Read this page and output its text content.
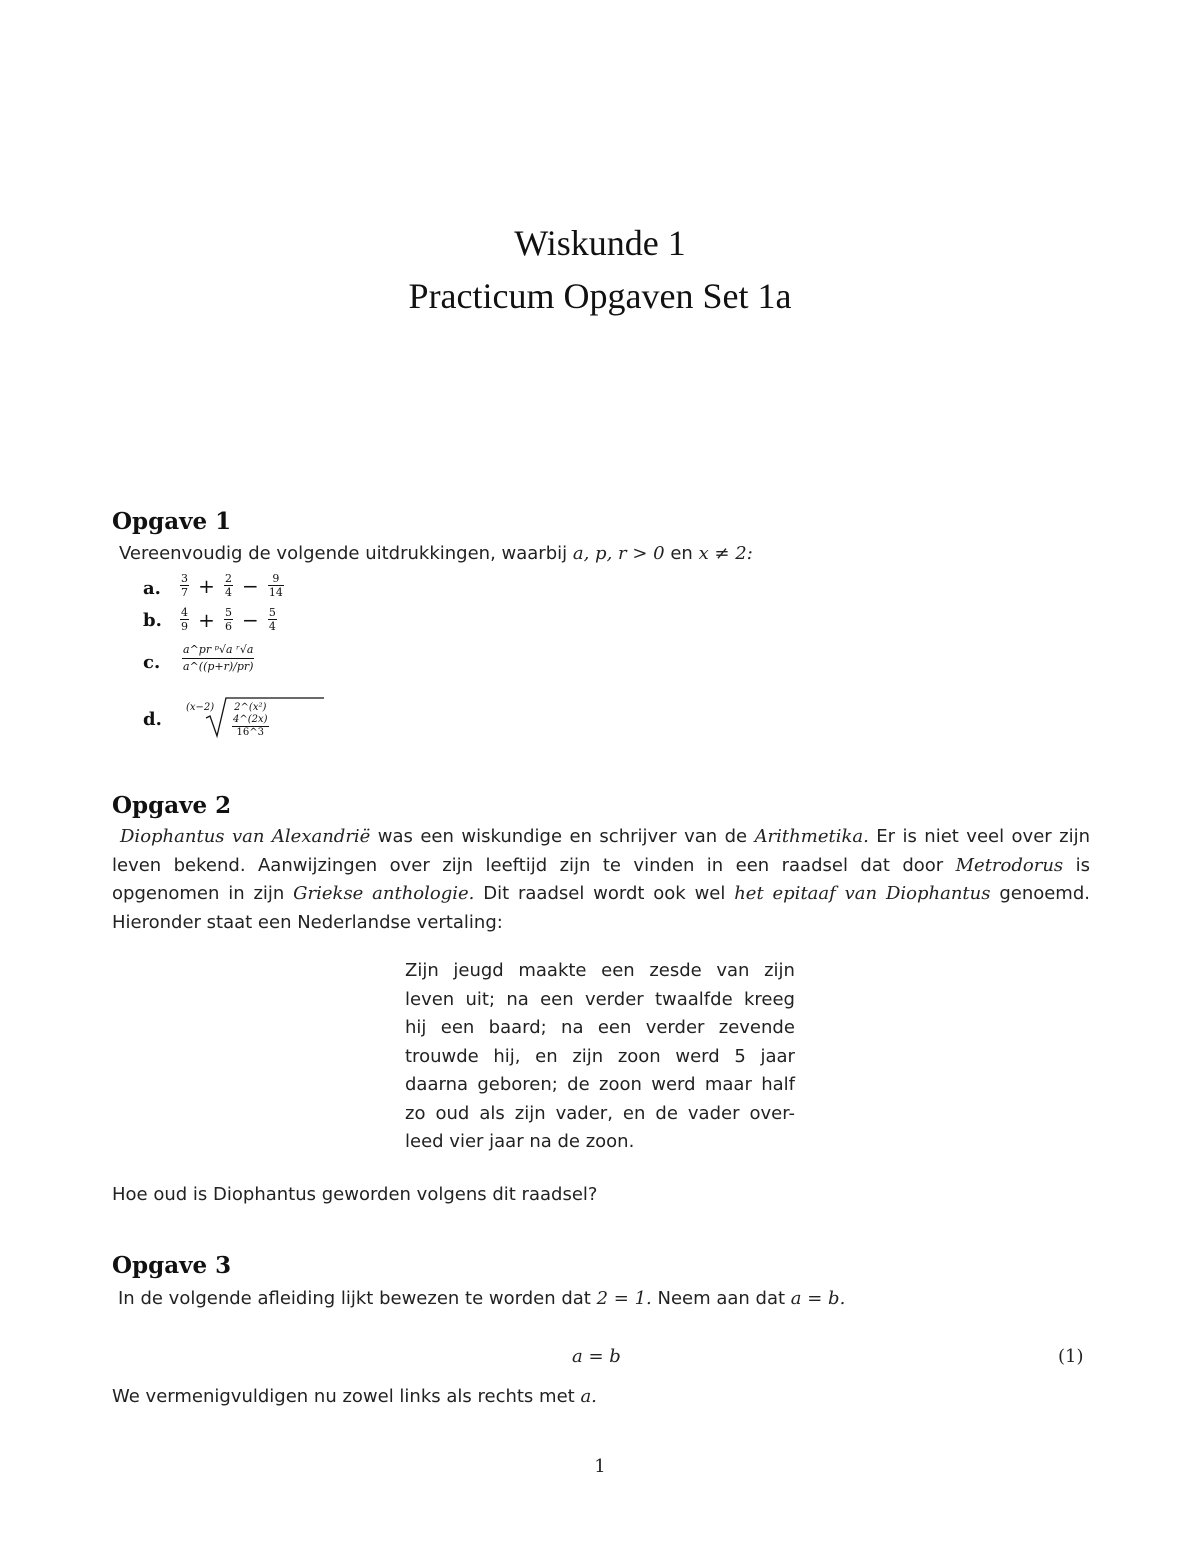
Wiskunde 1
Practicum Opgaven Set 1a
Opgave 1
Vereenvoudig de volgende uitdrukkingen, waarbij a, p, r > 0 en x ≠ 2:
a. $\frac{3}{7} + \frac{2}{4} - \frac{9}{14}$
b. $\frac{4}{9} + \frac{5}{6} - \frac{5}{4}$
c. $\frac{\text{a\textasciicircum{}pr ᵖ√a ʳ√a}}{a\^{}((p+r)/pr)}$
d.
$(x-2) \frac{\text{2\textasciicircum{}(x²) 4\textasciicircum{}(2x)}}{16\^{}3}$
Opgave 2
Diophantus van Alexandrië was een wiskundige en schrijver van de Arithmetika. Er is niet veel over zijn leven bekend. Aanwijzingen over zijn leeftijd zijn te vinden in een raadsel dat door Metrodorus is opgenomen in zijn Griekse anthologie. Dit raadsel wordt ook wel het epitaaf van Diophantus genoemd. Hieronder staat een Nederlandse vertaling:
Zijn jeugd maakte een zesde van zijn
leven uit; na een verder twaalfde kreeg
hij een baard; na een verder zevende
trouwde hij, en zijn zoon werd 5 jaar
daarna geboren; de zoon werd maar half
zo oud als zijn vader, en de vader over-
leed vier jaar na de zoon.
Hoe oud is Diophantus geworden volgens dit raadsel?
Opgave 3
In de volgende afleiding lijkt bewezen te worden dat 2 = 1. Neem aan dat a = b.
a = b	(1)
We vermenigvuldigen nu zowel links als rechts met a.
1
